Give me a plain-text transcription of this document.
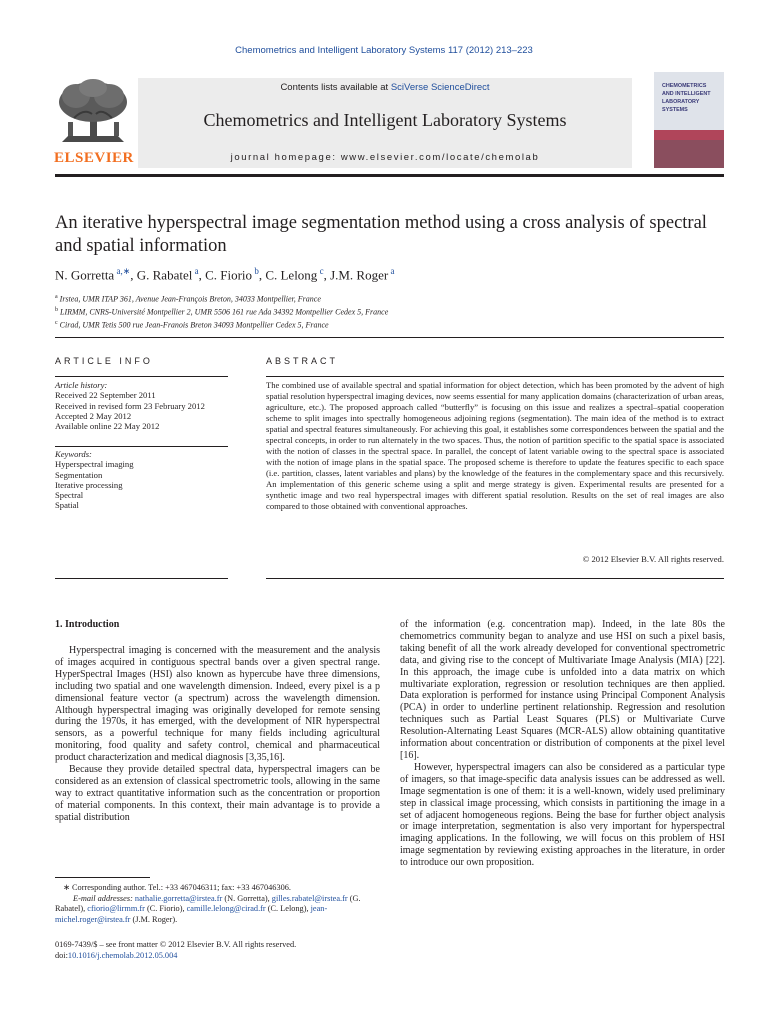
Chemometrics and Intelligent Laboratory Systems 117 (2012) 213–223
ELSEVIER
Contents lists available at SciVerse ScienceDirect
Chemometrics and Intelligent Laboratory Systems
journal homepage: www.elsevier.com/locate/chemolab
CHEMOMETRICS
AND INTELLIGENT
LABORATORY
SYSTEMS
An iterative hyperspectral image segmentation method using a cross analysis of spectral and spatial information
N. Gorretta $^{a,∗}$, G. Rabatel $^a$, C. Fiorio $^b$, C. Lelong $^c$, J.M. Roger $^a$
$^a$ Irstea, UMR ITAP 361, Avenue Jean-François Breton, 34033 Montpellier, France
$^b$ LIRMM, CNRS-Université Montpellier 2, UMR 5506 161 rue Ada 34392 Montpellier Cedex 5, France
$^c$ Cirad, UMR Tetis 500 rue Jean-Franois Breton 34093 Montpellier Cedex 5, France
ARTICLE INFO	ABSTRACT
Article history:
Received 22 September 2011
Received in revised form 23 February 2012
Accepted 2 May 2012
Available online 22 May 2012
Keywords:
Hyperspectral imaging
Segmentation
Iterative processing
Spectral
Spatial
The combined use of available spectral and spatial information for object detection, which has been promoted by the advent of high spatial resolution hyperspectral imaging devices, now seems essential for many application domains (characterization of urban areas, agriculture, etc.). The proposed approach called “butterfly” is focusing on this issue and realizes a spectral–spatial cooperation scheme to split images into spectrally homogeneous adjoining regions (segmentation). The main idea of the method is to extract spatial and spectral features simultaneously. For achieving this goal, it establishes some correspondences between the spatial and the spectral concepts, in order to run alternately in the two spaces. Thus, the notion of partition specific to the spatial space is associated with the notion of classes in the spectral space. In parallel, the concept of latent variable owing to the spectral space is associated with the notion of image plans in the spatial space. The proposed scheme is therefore to update the features specific to each space (i.e. partition, classes, latent variables and plans) by the knowledge of the features in the complementary space and this recursively. An implementation of this generic scheme using a split and merge strategy is given. Experimental results are presented for a synthetic image and two real hyperspectral images with different spatial resolution. Results on the set of real images are also compared to those obtained with conventional approaches.
© 2012 Elsevier B.V. All rights reserved.
1. Introduction

Hyperspectral imaging is concerned with the measurement and the analysis of images acquired in contiguous spectral bands over a given spectral range. HyperSpectral Images (HSI) also known as hypercube have three dimensions, including two spatial and one wavelength dimension. Indeed, every pixel is a p dimensional feature vector (a spectrum) across the wavelength dimension. Although hyperspectral imaging was originally developed for remote sensing during the 1970s, it has emerged, with the development of NIR hyperspectral sensors, as a powerful technique for many fields including agricultural monitoring, food quality and safety control, chemical and pharmaceutical product characterization and medical diagnosis [3,35,16].

Because they provide detailed spectral data, hyperspectral imagers can be considered as an extension of classical spectrometric tools, allowing in the same way to extract quantitative information such as the concentration or proportion of material components. In this context, their main advantage is to provide a spatial distribution

of the information (e.g. concentration map). Indeed, in the late 80s the chemometrics community began to analyze and use HSI on such a pixel basis, taking benefit of all the work already developed for conventional spectrometric data, and giving rise to the concept of Multivariate Image Analysis (MIA) [22]. In this approach, the image cube is unfolded into a data matrix on which multivariate exploration, regression or resolution techniques are then applied. Data exploration is performed for instance using Principal Component Analysis (PCA) in order to underline pertinent relationship. Regression and resolution techniques such as Partial Least Squares (PLS) or Multivariate Curve Resolution-Alternating Least Squares (MCR-ALS) allow obtaining quantitative information about concentration or distribution of components at the pixel level [16].

However, hyperspectral imagers can also be considered as a particular type of imagers, so that image-specific data analysis issues can be addressed as well. Image segmentation is one of them: it is a well-known, widely used preliminary step in classical image processing, which consists in partitioning the image in a set of adjacent homogeneous regions. Being the base for further object analysis or image interpretation, segmentation is also very important for hyperspectral imaging applications. In the following, we will focus on this problem of HSI image segmentation by reviewing existing approaches in the literature, in order to introduce our own proposition.

∗ Corresponding author. Tel.: +33 467046311; fax: +33 467046306.
E-mail addresses: nathalie.gorretta@irstea.fr (N. Gorretta), gilles.rabatel@irstea.fr (G. Rabatel), cfiorio@lirmm.fr (C. Fiorio), camille.lelong@cirad.fr (C. Lelong), jean-michel.roger@irstea.fr (J.M. Roger).
0169-7439/$ – see front matter © 2012 Elsevier B.V. All rights reserved.
doi:10.1016/j.chemolab.2012.05.004
